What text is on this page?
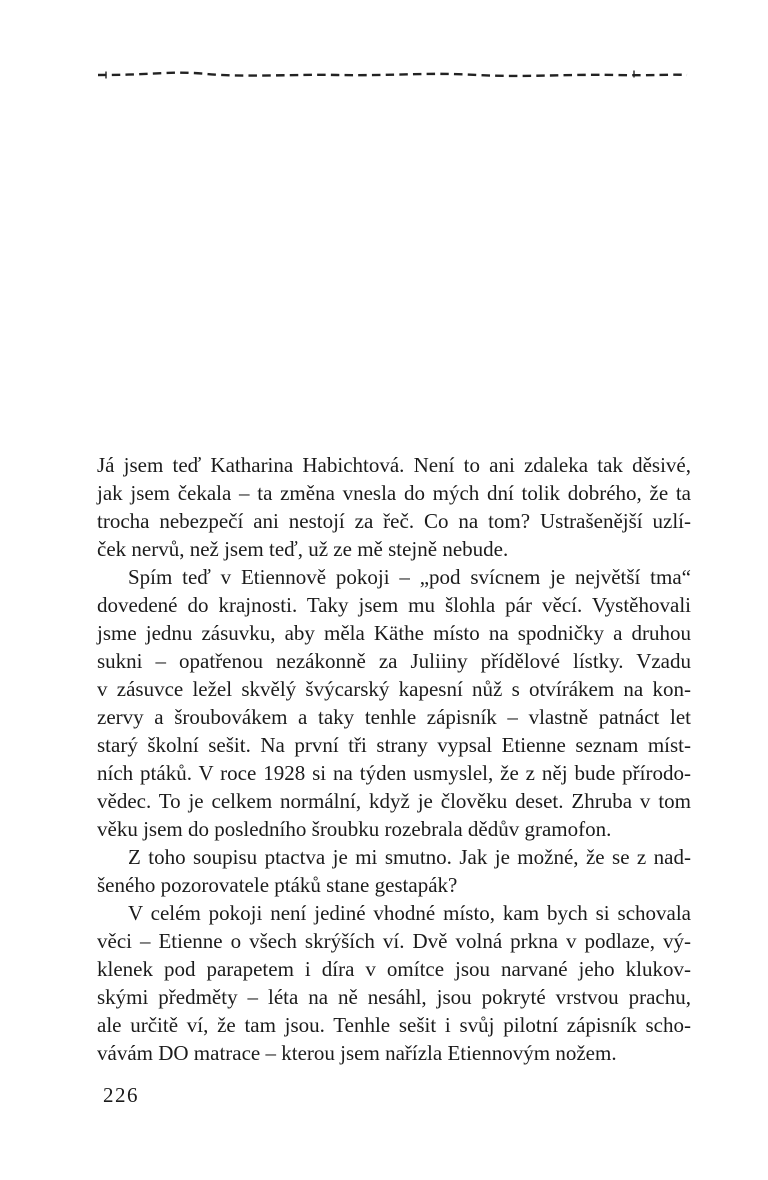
Já jsem teď Katharina Habichtová. Není to ani zdaleka tak děsivé,
jak jsem čekala – ta změna vnesla do mých dní tolik dobrého, že ta
trocha nebezpečí ani nestojí za řeč. Co na tom? Ustrašenější uzlí-
ček nervů, než jsem teď, už ze mě stejně nebude.
Spím teď v Etiennově pokoji – „pod svícnem je největší tma“
dovedené do krajnosti. Taky jsem mu šlohla pár věcí. Vystěhovali
jsme jednu zásuvku, aby měla Käthe místo na spodničky a druhou
sukni – opatřenou nezákonně za Juliiny přídělové lístky. Vzadu
v zásuvce ležel skvělý švýcarský kapesní nůž s otvírákem na kon-
zervy a šroubovákem a taky tenhle zápisník – vlastně patnáct let
starý školní sešit. Na první tři strany vypsal Etienne seznam míst-
ních ptáků. V roce 1928 si na týden usmyslel, že z něj bude přírodo-
vědec. To je celkem normální, když je člověku deset. Zhruba v tom
věku jsem do posledního šroubku rozebrala dědův gramofon.
Z toho soupisu ptactva je mi smutno. Jak je možné, že se z nad-
šeného pozorovatele ptáků stane gestapák?
V celém pokoji není jediné vhodné místo, kam bych si schovala
věci – Etienne o všech skrýších ví. Dvě volná prkna v podlaze, vý-
klenek pod parapetem i díra v omítce jsou narvané jeho klukov-
skými předměty – léta na ně nesáhl, jsou pokryté vrstvou prachu,
ale určitě ví, že tam jsou. Tenhle sešit i svůj pilotní zápisník scho-
vávám DO matrace – kterou jsem nařízla Etiennovým nožem.
226
